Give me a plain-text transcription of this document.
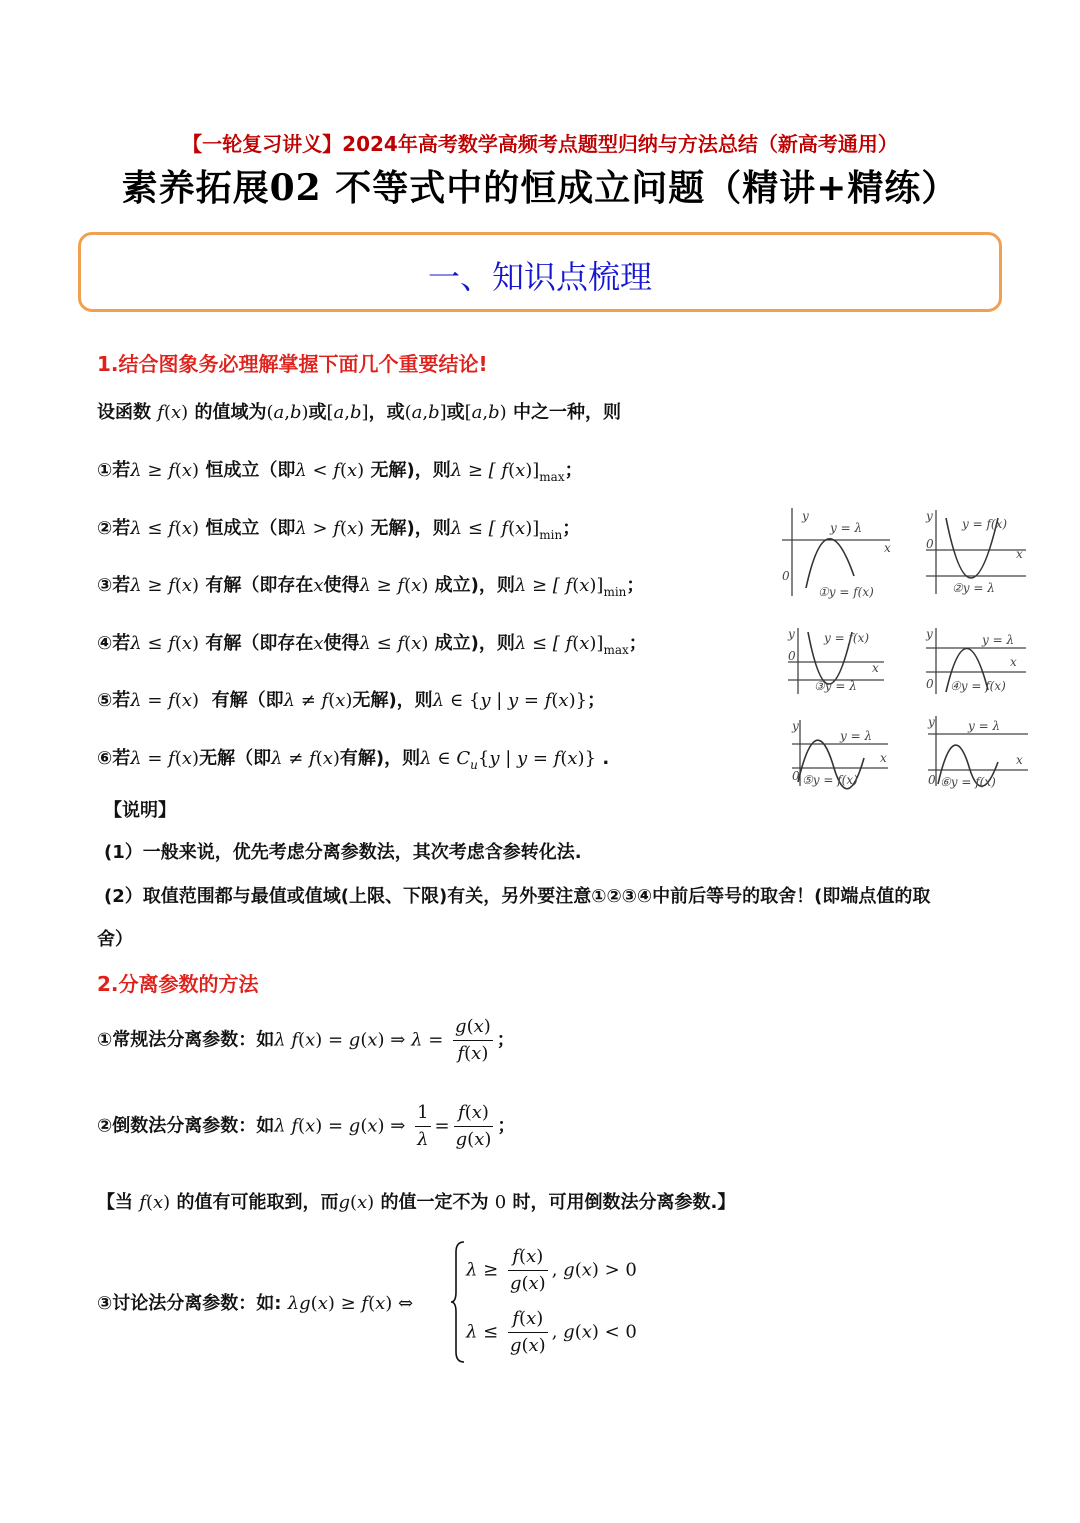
【一轮复习讲义】2024年高考数学高频考点题型归纳与方法总结（新高考通用）
素养拓展02 不等式中的恒成立问题（精讲+精练）
一、知识点梳理
1.结合图象务必理解掌握下面几个重要结论!
设函数 f(x) 的值域为(a,b)或[a,b]，或(a,b]或[a,b) 中之一种，则
①若λ ≥ f(x) 恒成立（即λ < f(x) 无解)，则λ ≥ [ $f(x)]_{max}$；
②若λ ≤ f(x) 恒成立（即λ > f(x) 无解)，则λ ≤ [ $f(x)]_{min}$；
③若λ ≥ f(x) 有解（即存在x使得λ ≥ f(x) 成立)，则λ ≥ [ $f(x)]_{min}$；
④若λ ≤ f(x) 有解（即存在x使得λ ≤ f(x) 成立)，则λ ≤ [ $f(x)]_{max}$；
⑤若λ = f(x) 有解（即λ ≠ f(x)无解)，则λ ∈ {y | y = f(x)}；
⑥若λ = f(x)无解（即λ ≠ f(x)有解)，则λ ∈ $C_u\{y$ | y = f(x)} .
0
y
x
y = λ
①y = f(x)
0
y
x
y = f(x)
②y = λ
0
y
x
y = f(x)
③y = λ	0
y
x
y = λ
④y = f(x)
y
0
x
y = λ
⑤y = f(x)
y
0
x
y = λ
⑥y = f(x)
【说明】
(1）一般来说，优先考虑分离参数法，其次考虑含参转化法.
(2）取值范围都与最值或值域(上限、下限)有关，另外要注意①②③④中前后等号的取舍！(即端点值的取
舍）
2.分离参数的方法
①常规法分离参数：如λ f(x) = g(x) ⇒ $\lambda = \frac{g(x)}{f(x)}$ ；
②倒数法分离参数：如λ f(x) = g(x) ⇒ $\frac{1}{\lambda} = \frac{f(x)}{g(x)}$ ；
【当 f(x) 的值有可能取到，而g(x) 的值一定不为 0 时，可用倒数法分离参数.】
③讨论法分离参数：如: λg(x) ≥ f(x) ⇔
$\lambda \ge \frac{f(x)}{g(x)}$ , g(x) > 0
$\lambda \le \frac{f(x)}{g(x)}$ , g(x) < 0
